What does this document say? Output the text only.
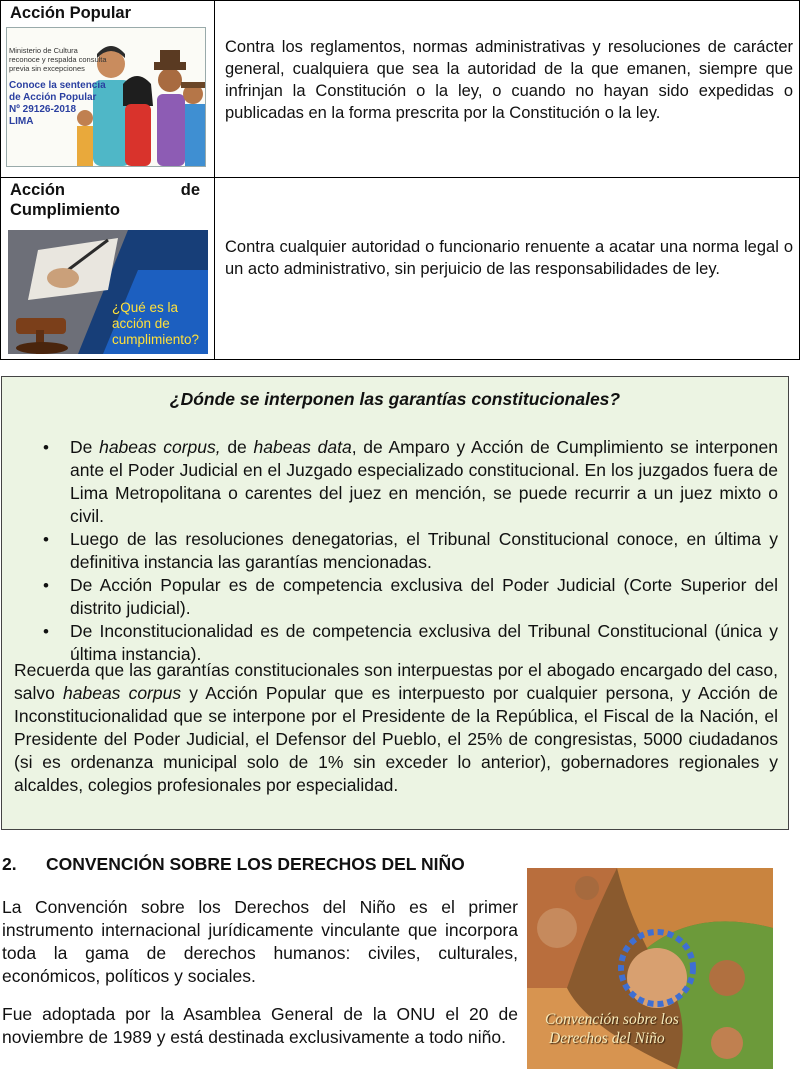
Acción Popular
Ministerio de Cultura
reconoce y respalda consulta
previa sin excepciones
Conoce la sentencia
de Acción Popular
Nº 29126-2018
LIMA
Contra los reglamentos, normas administrativas y resoluciones de carácter general, cualquiera que sea la autoridad de la que emanen, siempre que infrinjan la Constitución o la ley, o cuando no hayan sido expedidas o publicadas en la forma prescrita por la Constitución o la ley.
Acción de Cumplimiento
¿Qué es la
acción de
cumplimiento?
Contra cualquier autoridad o funcionario renuente a acatar una norma legal o un acto administrativo, sin perjuicio de las responsabilidades de ley.
¿Dónde se interponen las garantías constitucionales?
• De habeas corpus, de habeas data, de Amparo y Acción de Cumplimiento se interponen ante el Poder Judicial en el Juzgado especializado constitucional. En los juzgados fuera de Lima Metropolitana o carentes del juez en mención, se puede recurrir a un juez mixto o civil.
• Luego de las resoluciones denegatorias, el Tribunal Constitucional conoce, en última y definitiva instancia las garantías mencionadas.
• De Acción Popular es de competencia exclusiva del Poder Judicial (Corte Superior del distrito judicial).
• De Inconstitucionalidad es de competencia exclusiva del Tribunal Constitucional (única y última instancia).
Recuerda que las garantías constitucionales son interpuestas por el abogado encargado del caso, salvo habeas corpus y Acción Popular que es interpuesto por cualquier persona, y Acción de Inconstitucionalidad que se interpone por el Presidente de la República, el Fiscal de la Nación, el Presidente del Poder Judicial, el Defensor del Pueblo, el 25% de congresistas, 5000 ciudadanos (si es ordenanza municipal solo de 1% sin exceder lo anterior), gobernadores regionales y alcaldes, colegios profesionales por especialidad.
2. CONVENCIÓN SOBRE LOS DERECHOS DEL NIÑO
La Convención sobre los Derechos del Niño es el primer instrumento internacional jurídicamente vinculante que incorpora toda la gama de derechos humanos: civiles, culturales, económicos, políticos y sociales.
Fue adoptada por la Asamblea General de la ONU el 20 de noviembre de 1989 y está destinada exclusivamente a todo niño.
Convención sobre los
Derechos del Niño
